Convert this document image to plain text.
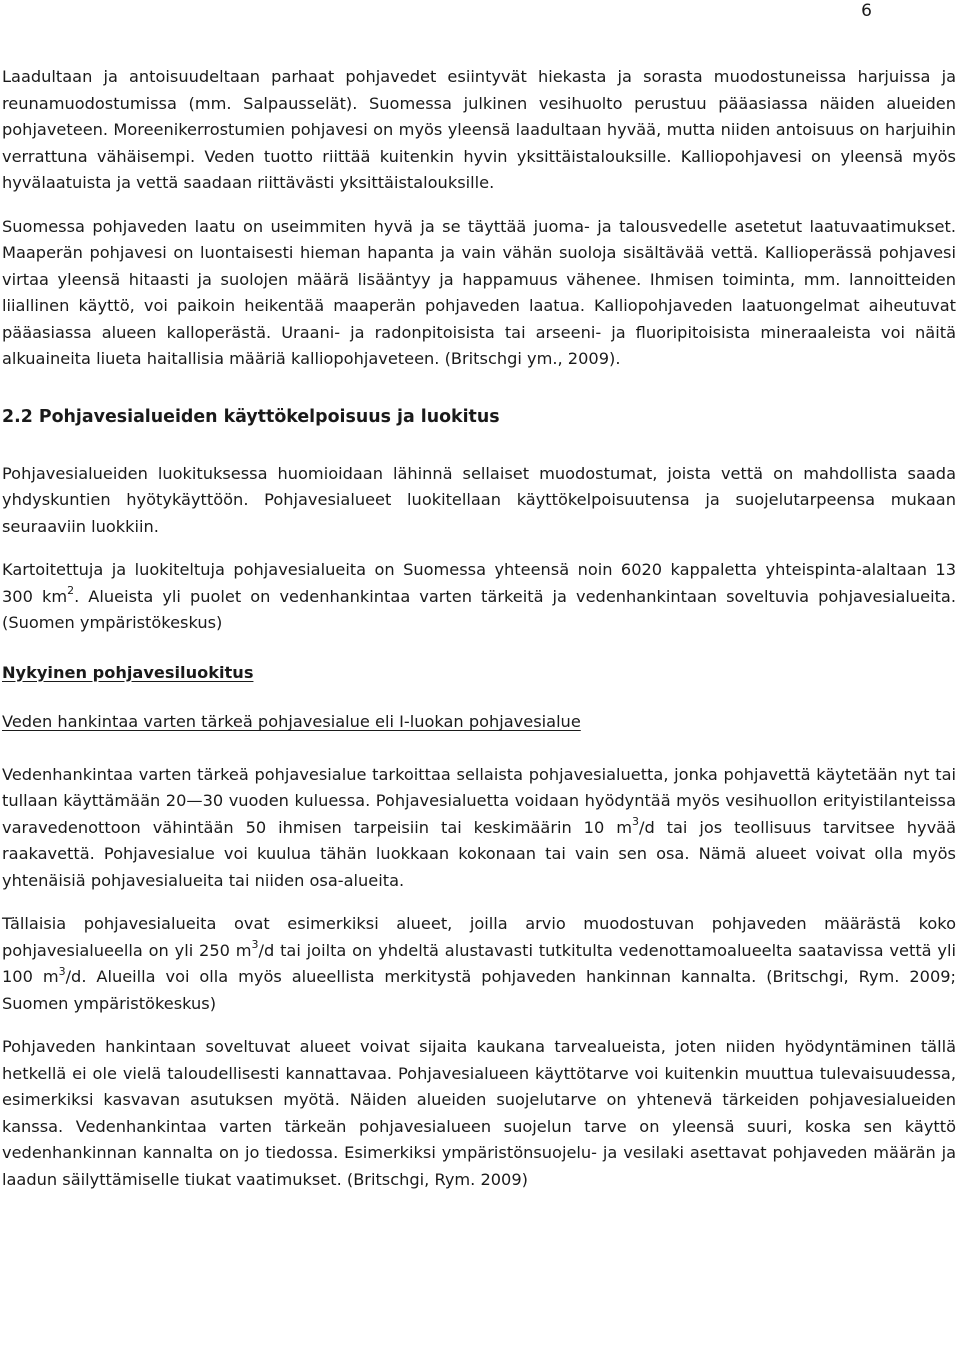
6

Laadultaan ja antoisuudeltaan parhaat pohjavedet esiintyvät hiekasta ja sorasta muodostuneissa harjuissa ja reunamuodostumissa (mm. Salpausselät). Suomessa julkinen vesihuolto perustuu pääasiassa näiden alueiden pohjaveteen. Moreenikerrostumien pohjavesi on myös yleensä laadultaan hyvää, mutta niiden antoisuus on harjuihin verrattuna vähäisempi. Veden tuotto riittää kuitenkin hyvin yksittäistalouksille. Kalliopohjavesi on yleensä myös hyvälaatuista ja vettä saadaan riittävästi yksittäistalouksille.

Suomessa pohjaveden laatu on useimmiten hyvä ja se täyttää juoma- ja talousvedelle asetetut laatuvaatimukset. Maaperän pohjavesi on luontaisesti hieman hapanta ja vain vähän suoloja sisältävää vettä. Kallioperässä pohjavesi virtaa yleensä hitaasti ja suolojen määrä lisääntyy ja happamuus vähenee. Ihmisen toiminta, mm. lannoitteiden liiallinen käyttö, voi paikoin heikentää maaperän pohjaveden laatua. Kalliopohjaveden laatuongelmat aiheutuvat pääasiassa alueen kalloperästä. Uraani- ja radonpitoisista tai arseeni- ja fluoripitoisista mineraaleista voi näitä alkuaineita liueta haitallisia määriä kalliopohjaveteen. (Britschgi ym., 2009).

2.2 Pohjavesialueiden käyttökelpoisuus ja luokitus

Pohjavesialueiden luokituksessa huomioidaan lähinnä sellaiset muodostumat, joista vettä on mahdollista saada yhdyskuntien hyötykäyttöön. Pohjavesialueet luokitellaan käyttökelpoisuutensa ja suojelutarpeensa mukaan seuraaviin luokkiin.

Kartoitettuja ja luokiteltuja pohjavesialueita on Suomessa yhteensä noin 6020 kappaletta yhteispinta-alaltaan 13 300 $km^2$. Alueista yli puolet on vedenhankintaa varten tärkeitä ja vedenhankintaan soveltuvia pohjavesialueita. (Suomen ympäristökeskus)

Nykyinen pohjavesiluokitus

Veden hankintaa varten tärkeä pohjavesialue eli I-luokan pohjavesialue

Vedenhankintaa varten tärkeä pohjavesialue tarkoittaa sellaista pohjavesialuetta, jonka pohjavettä käytetään nyt tai tullaan käyttämään 20—30 vuoden kuluessa. Pohjavesialuetta voidaan hyödyntää myös vesihuollon erityistilanteissa varavedenottoon vähintään 50 ihmisen tarpeisiin tai keskimäärin 10 $m^3/d$ tai jos teollisuus tarvitsee hyvää raakavettä. Pohjavesialue voi kuulua tähän luokkaan kokonaan tai vain sen osa. Nämä alueet voivat olla myös yhtenäisiä pohjavesialueita tai niiden osa-alueita.

Tällaisia pohjavesialueita ovat esimerkiksi alueet, joilla arvio muodostuvan pohjaveden määrästä koko pohjavesialueella on yli 250 $m^3/d$ tai joilta on yhdeltä alustavasti tutkitulta vedenottamoalueelta saatavissa vettä yli 100 $m^3/d$. Alueilla voi olla myös alueellista merkitystä pohjaveden hankinnan kannalta. (Britschgi, Rym. 2009; Suomen ympäristökeskus)

Pohjaveden hankintaan soveltuvat alueet voivat sijaita kaukana tarvealueista, joten niiden hyödyntäminen tällä hetkellä ei ole vielä taloudellisesti kannattavaa. Pohjavesialueen käyttötarve voi kuitenkin muuttua tulevaisuudessa, esimerkiksi kasvavan asutuksen myötä. Näiden alueiden suojelutarve on yhtenevä tärkeiden pohjavesialueiden kanssa. Vedenhankintaa varten tärkeän pohjavesialueen suojelun tarve on yleensä suuri, koska sen käyttö vedenhankinnan kannalta on jo tiedossa. Esimerkiksi ympäristönsuojelu- ja vesilaki asettavat pohjaveden määrän ja laadun säilyttämiselle tiukat vaatimukset. (Britschgi, Rym. 2009)
